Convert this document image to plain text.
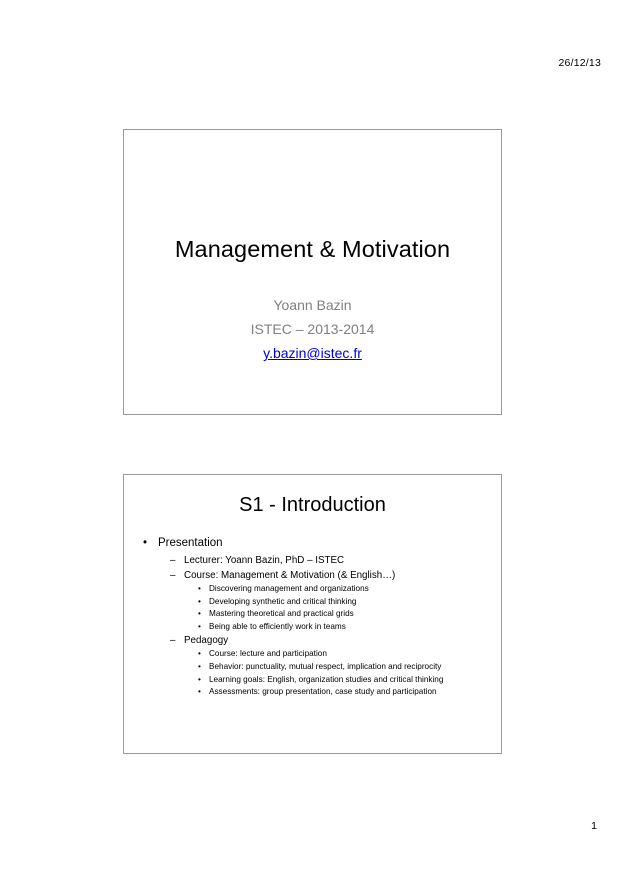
26/12/13
Management & Motivation
Yoann Bazin
ISTEC – 2013-2014
y.bazin@istec.fr
S1 - Introduction
• Presentation
– Lecturer: Yoann Bazin, PhD – ISTEC
– Course: Management & Motivation (& English…)
• Discovering management and organizations
• Developing synthetic and critical thinking
• Mastering theoretical and practical grids
• Being able to efficiently work in teams
– Pedagogy
• Course: lecture and participation
• Behavior: punctuality, mutual respect, implication and reciprocity
• Learning goals: English, organization studies and critical thinking
• Assessments: group presentation, case study and participation
1
